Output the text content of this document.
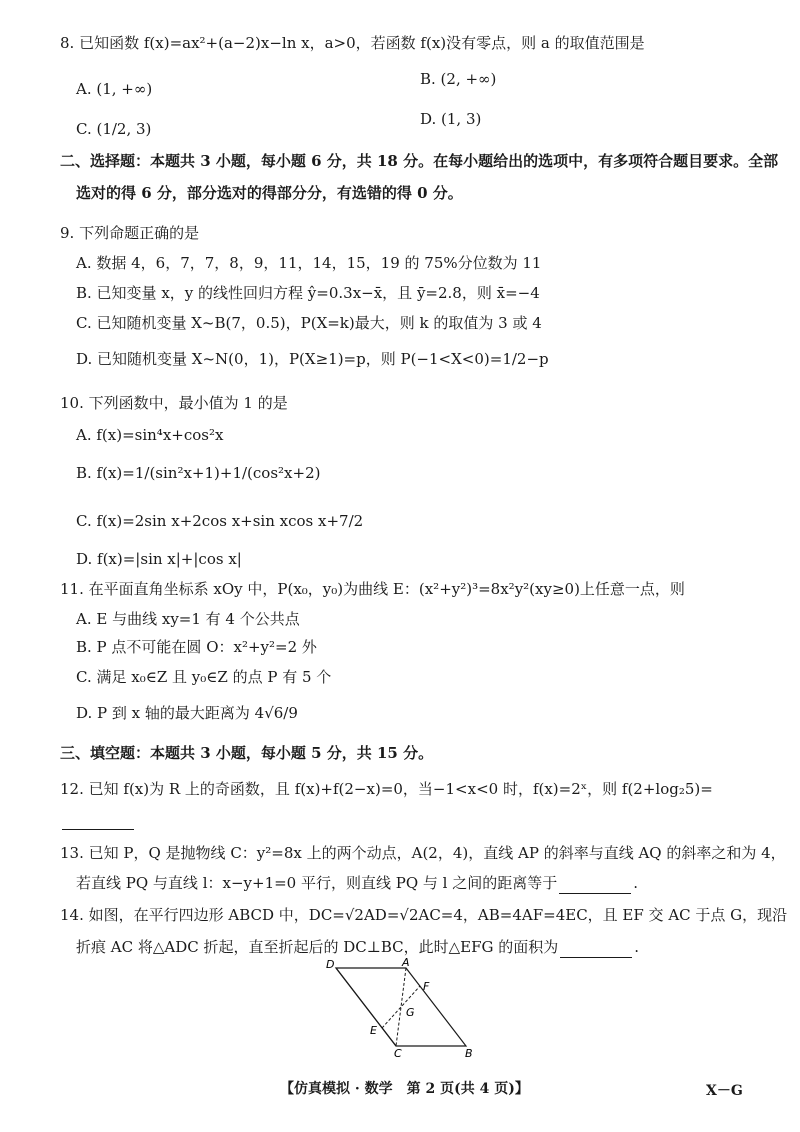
8. 已知函数 f(x)=ax²+(a−2)x−ln x，a>0，若函数 f(x)没有零点，则 a 的取值范围是
A. (1, +∞)
B. (2, +∞)
C. (1/2, 3)
D. (1, 3)
二、选择题：本题共 3 小题，每小题 6 分，共 18 分。在每小题给出的选项中，有多项符合题目要求。全部
选对的得 6 分，部分选对的得部分分，有选错的得 0 分。
9. 下列命题正确的是
A. 数据 4，6，7，7，8，9，11，14，15，19 的 75%分位数为 11
B. 已知变量 x，y 的线性回归方程 ŷ=0.3x−x̄，且 ȳ=2.8，则 x̄=−4
C. 已知随机变量 X~B(7，0.5)，P(X=k)最大，则 k 的取值为 3 或 4
D. 已知随机变量 X~N(0，1)，P(X≥1)=p，则 P(−1<X<0)=1/2−p
10. 下列函数中，最小值为 1 的是
A. f(x)=sin⁴x+cos²x
B. f(x)=1/(sin²x+1)+1/(cos²x+2)
C. f(x)=2sin x+2cos x+sin xcos x+7/2
D. f(x)=|sin x|+|cos x|
11. 在平面直角坐标系 xOy 中，P(x₀，y₀)为曲线 E：(x²+y²)³=8x²y²(xy≥0)上任意一点，则
A. E 与曲线 xy=1 有 4 个公共点
B. P 点不可能在圆 O：x²+y²=2 外
C. 满足 x₀∈Z 且 y₀∈Z 的点 P 有 5 个
D. P 到 x 轴的最大距离为 4√6/9
三、填空题：本题共 3 小题，每小题 5 分，共 15 分。
12. 已知 f(x)为 R 上的奇函数，且 f(x)+f(2−x)=0，当−1<x<0 时，f(x)=2ˣ，则 f(2+log₂5)=
13. 已知 P，Q 是抛物线 C：y²=8x 上的两个动点，A(2，4)，直线 AP 的斜率与直线 AQ 的斜率之和为 4，
若直线 PQ 与直线 l：x−y+1=0 平行，则直线 PQ 与 l 之间的距离等于	.
14. 如图，在平行四边形 ABCD 中，DC=√2AD=√2AC=4，AB=4AF=4EC，且 EF 交 AC 于点 G，现沿
折痕 AC 将△ADC 折起，直至折起后的 DC⊥BC，此时△EFG 的面积为	.
D	A
F
G
E
C	B
【仿真模拟 · 数学　第 2 页(共 4 页)】	X－G
